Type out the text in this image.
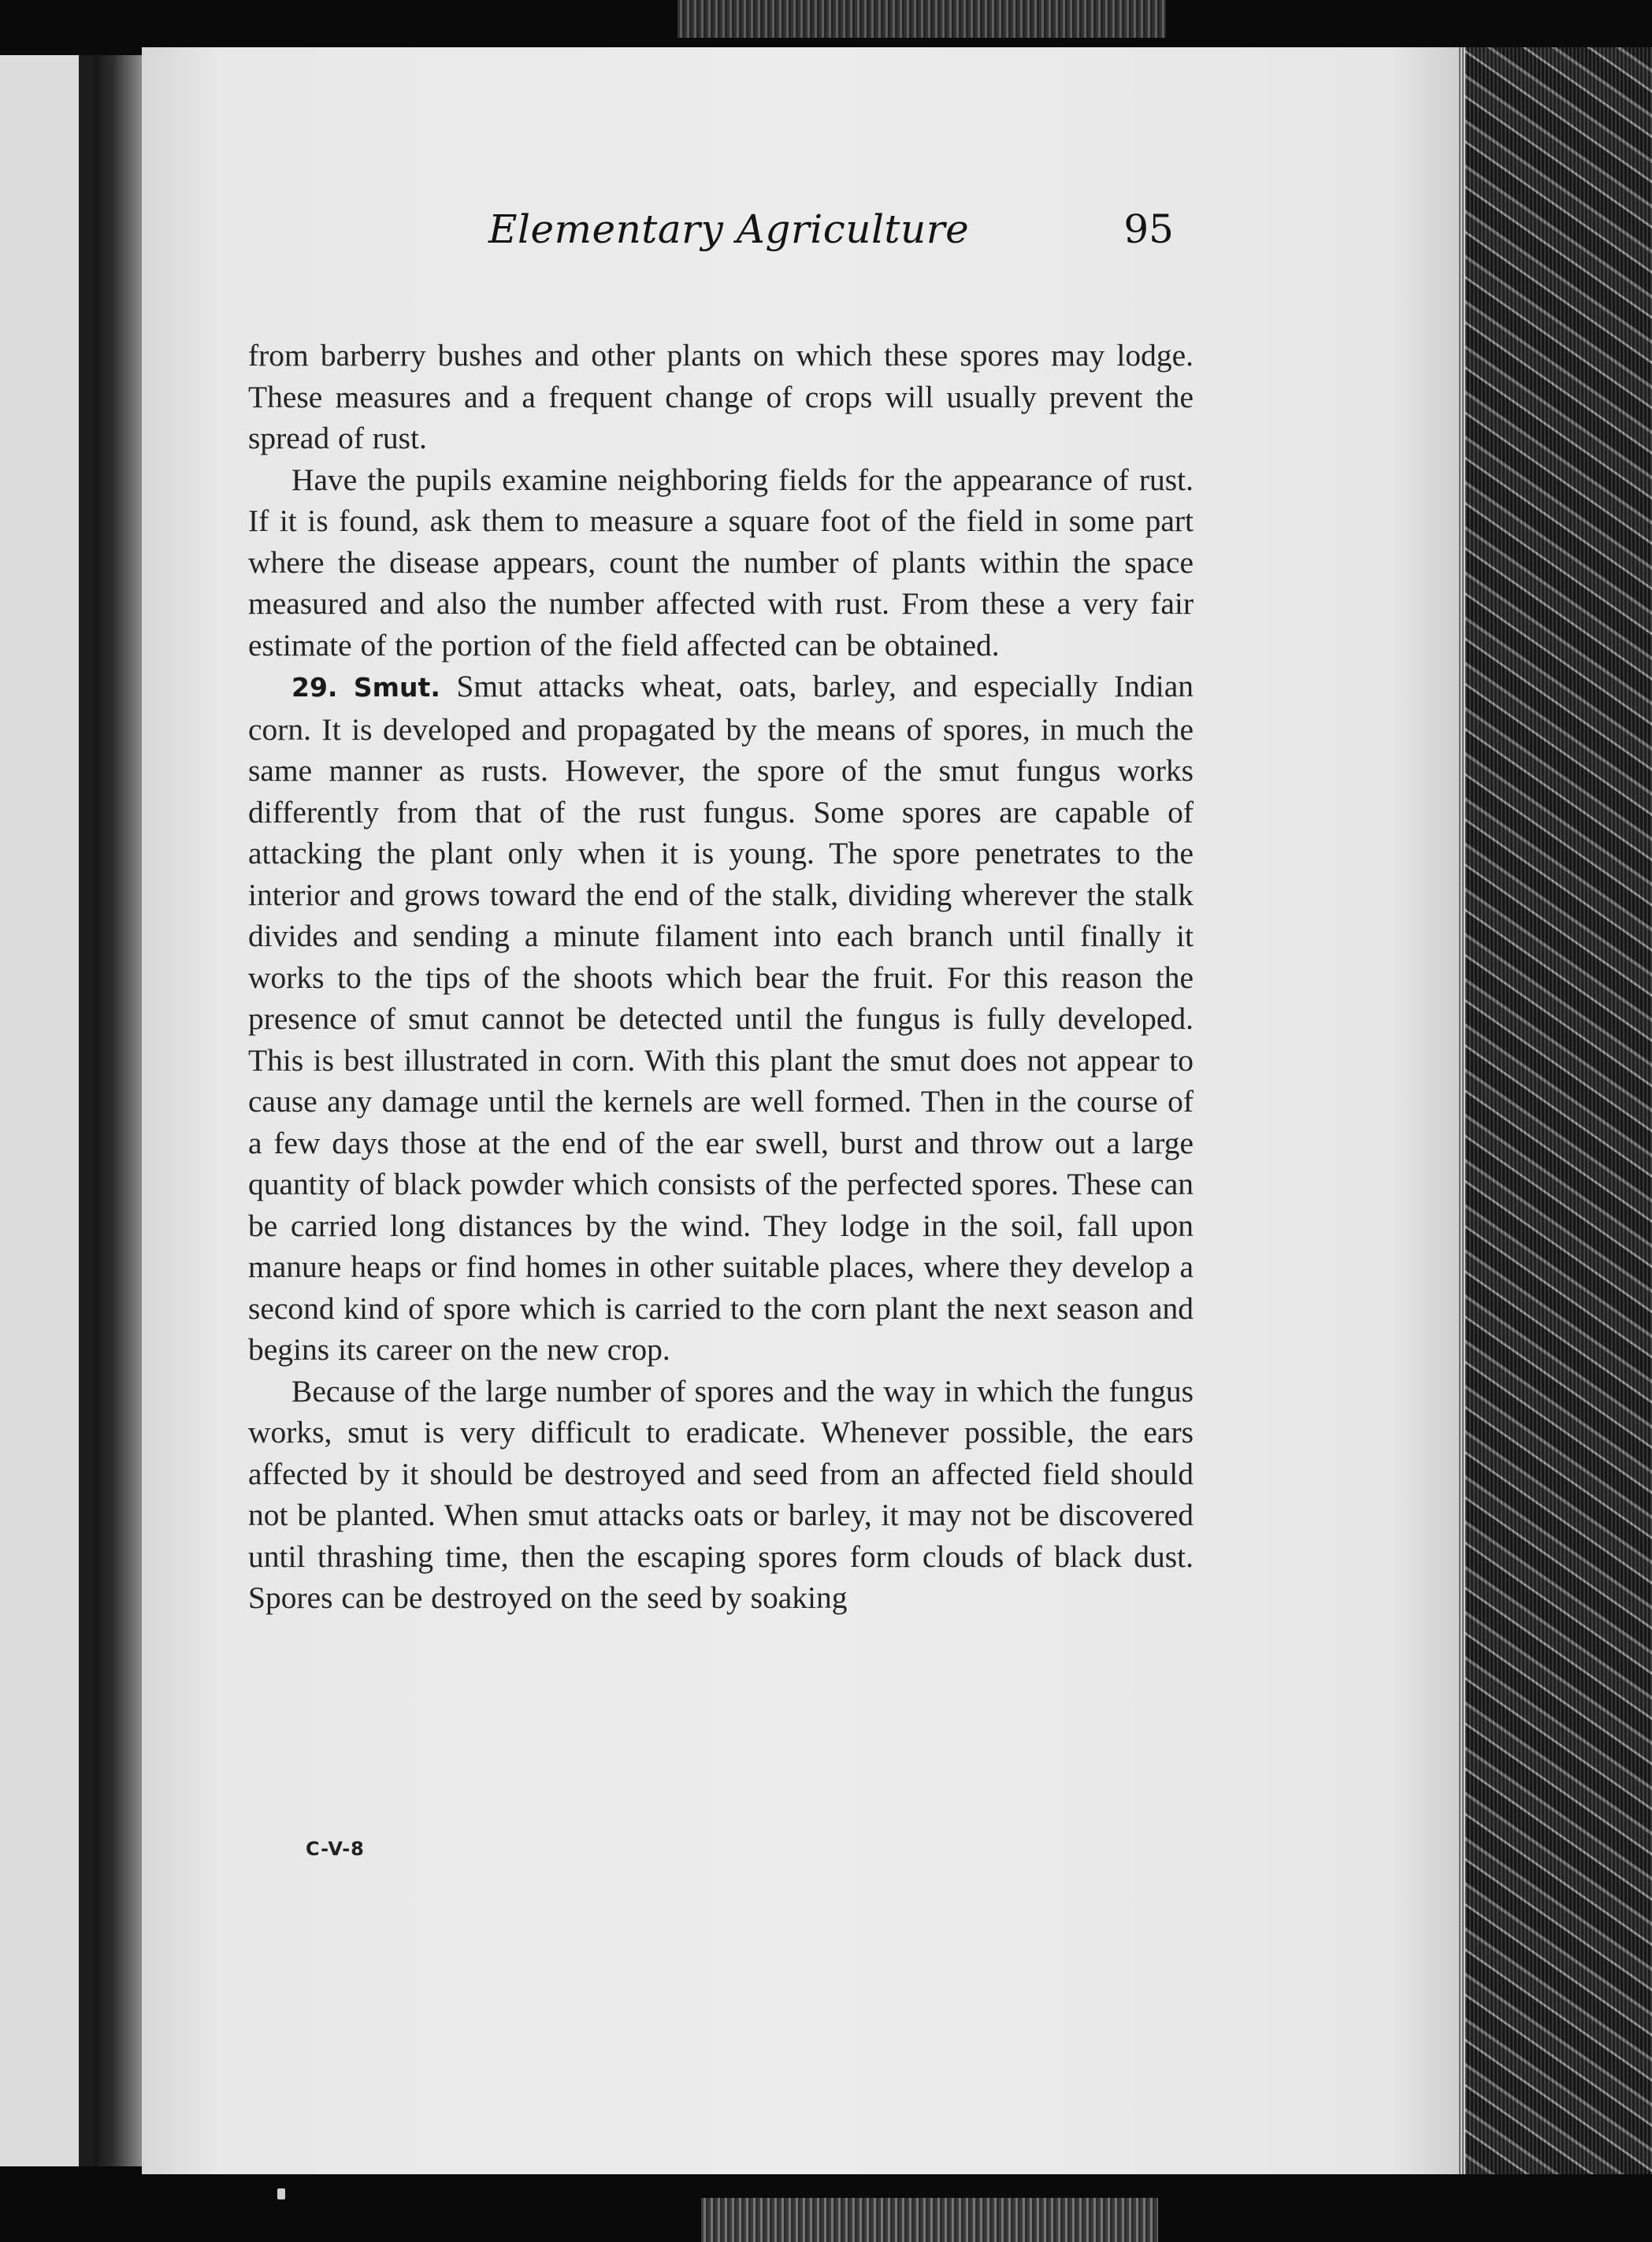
Elementary Agriculture	95

from barberry bushes and other plants on which these spores may lodge. These measures and a frequent change of crops will usually prevent the spread of rust.

Have the pupils examine neighboring fields for the appearance of rust. If it is found, ask them to measure a square foot of the field in some part where the disease appears, count the number of plants within the space measured and also the number affected with rust. From these a very fair estimate of the portion of the field affected can be obtained.

29. Smut. Smut attacks wheat, oats, barley, and especially Indian corn. It is developed and propagated by the means of spores, in much the same manner as rusts. However, the spore of the smut fungus works differently from that of the rust fungus. Some spores are capable of attacking the plant only when it is young. The spore penetrates to the interior and grows toward the end of the stalk, dividing wherever the stalk divides and sending a minute filament into each branch until finally it works to the tips of the shoots which bear the fruit. For this reason the presence of smut cannot be detected until the fungus is fully developed. This is best illustrated in corn. With this plant the smut does not appear to cause any damage until the kernels are well formed. Then in the course of a few days those at the end of the ear swell, burst and throw out a large quantity of black powder which consists of the perfected spores. These can be carried long distances by the wind. They lodge in the soil, fall upon manure heaps or find homes in other suitable places, where they develop a second kind of spore which is carried to the corn plant the next season and begins its career on the new crop.

Because of the large number of spores and the way in which the fungus works, smut is very difficult to eradicate. Whenever possible, the ears affected by it should be destroyed and seed from an affected field should not be planted. When smut attacks oats or barley, it may not be discovered until thrashing time, then the escaping spores form clouds of black dust. Spores can be destroyed on the seed by soaking

C-V-8
